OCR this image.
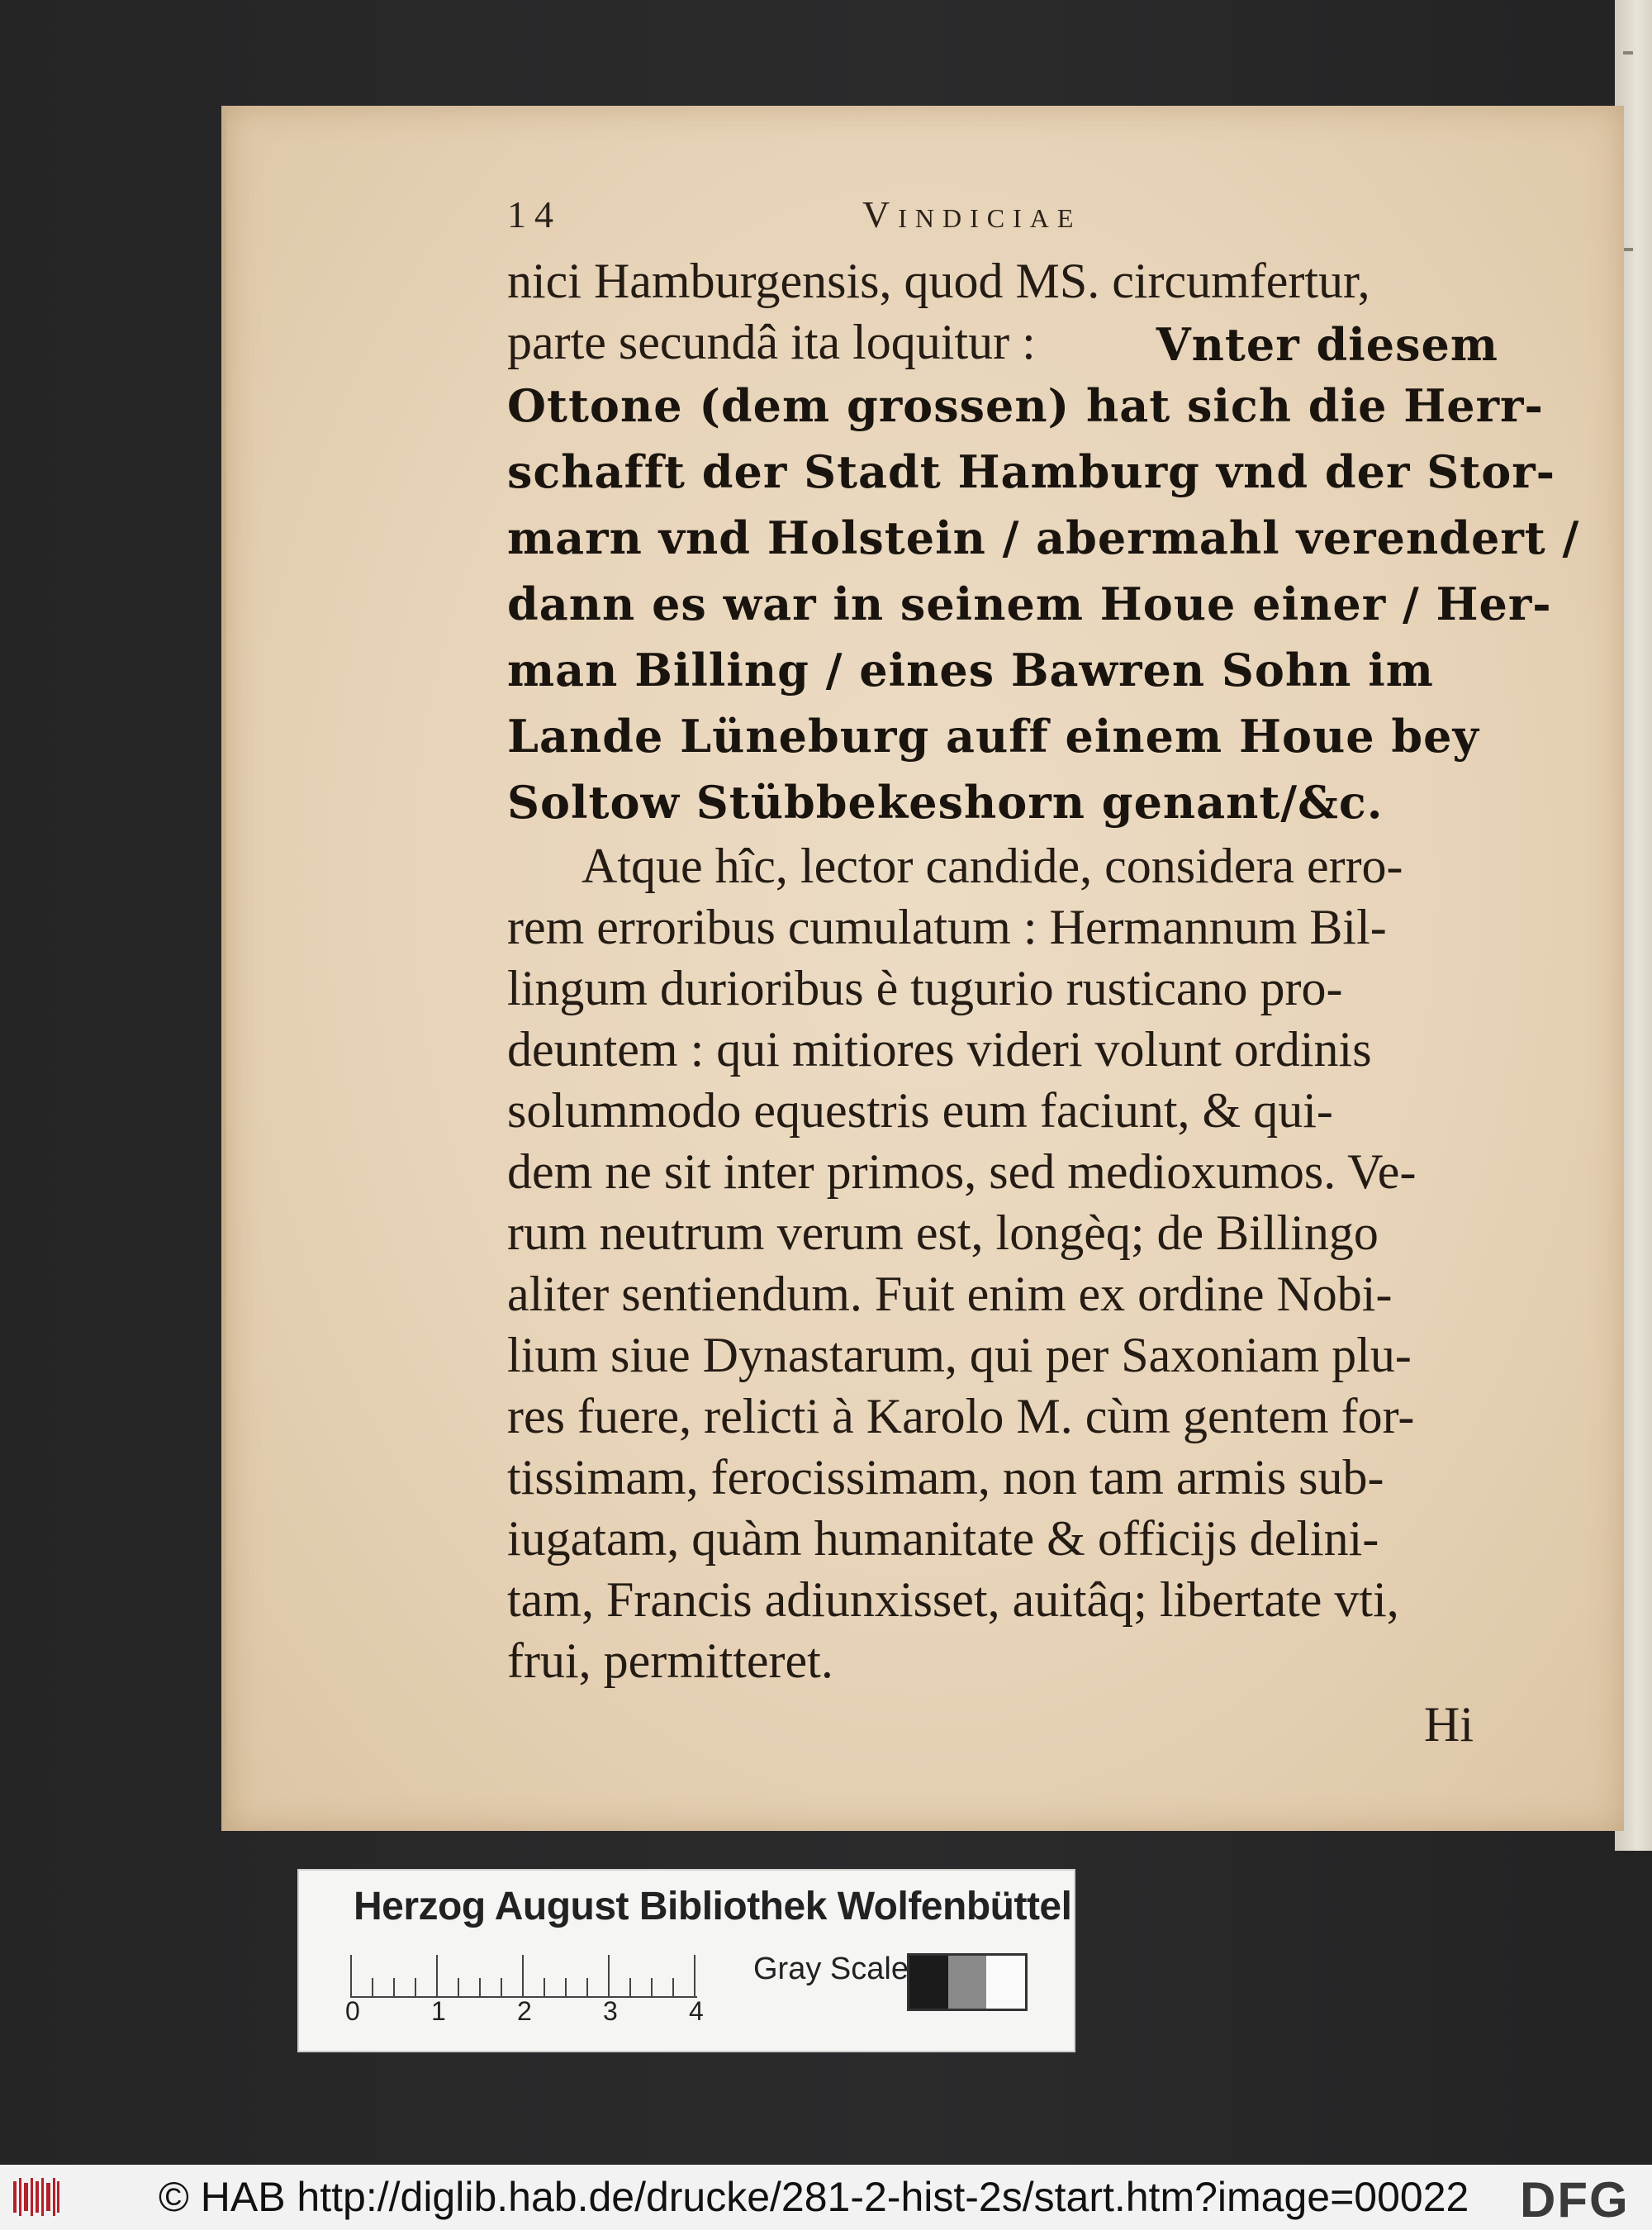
14	Vindiciae
nici Hamburgensis, quod MS. circumfertur,
parte secundâ ita loquitur :	Vnter diesem
Ottone (dem grossen) hat sich die Herr-
schafft der Stadt Hamburg vnd der Stor-
marn vnd Holstein / abermahl verendert /
dann es war in seinem Houe einer / Her-
man Billing / eines Bawren Sohn im
Lande Lüneburg auff einem Houe bey
Soltow Stübbekeshorn genant/&c.
Atque hîc, lector candide, considera erro-
rem erroribus cumulatum : Hermannum Bil-
lingum durioribus è tugurio rusticano pro-
deuntem : qui mitiores videri volunt ordinis
solummodo equestris eum faciunt, & qui-
dem ne sit inter primos, sed medioxumos. Ve-
rum neutrum verum est, longèq; de Billingo
aliter sentiendum. Fuit enim ex ordine Nobi-
lium siue Dynastarum, qui per Saxoniam plu-
res fuere, relicti à Karolo M. cùm gentem for-
tissimam, ferocissimam, non tam armis sub-
iugatam, quàm humanitate & officijs delini-
tam, Francis adiunxisset, auitâq; libertate vti,
frui, permitteret.
Hi
Herzog August Bibliothek Wolfenbüttel
0	1	2	3	4
Gray Scale
© HAB http://diglib.hab.de/drucke/281-2-hist-2s/start.htm?image=00022 DFG
